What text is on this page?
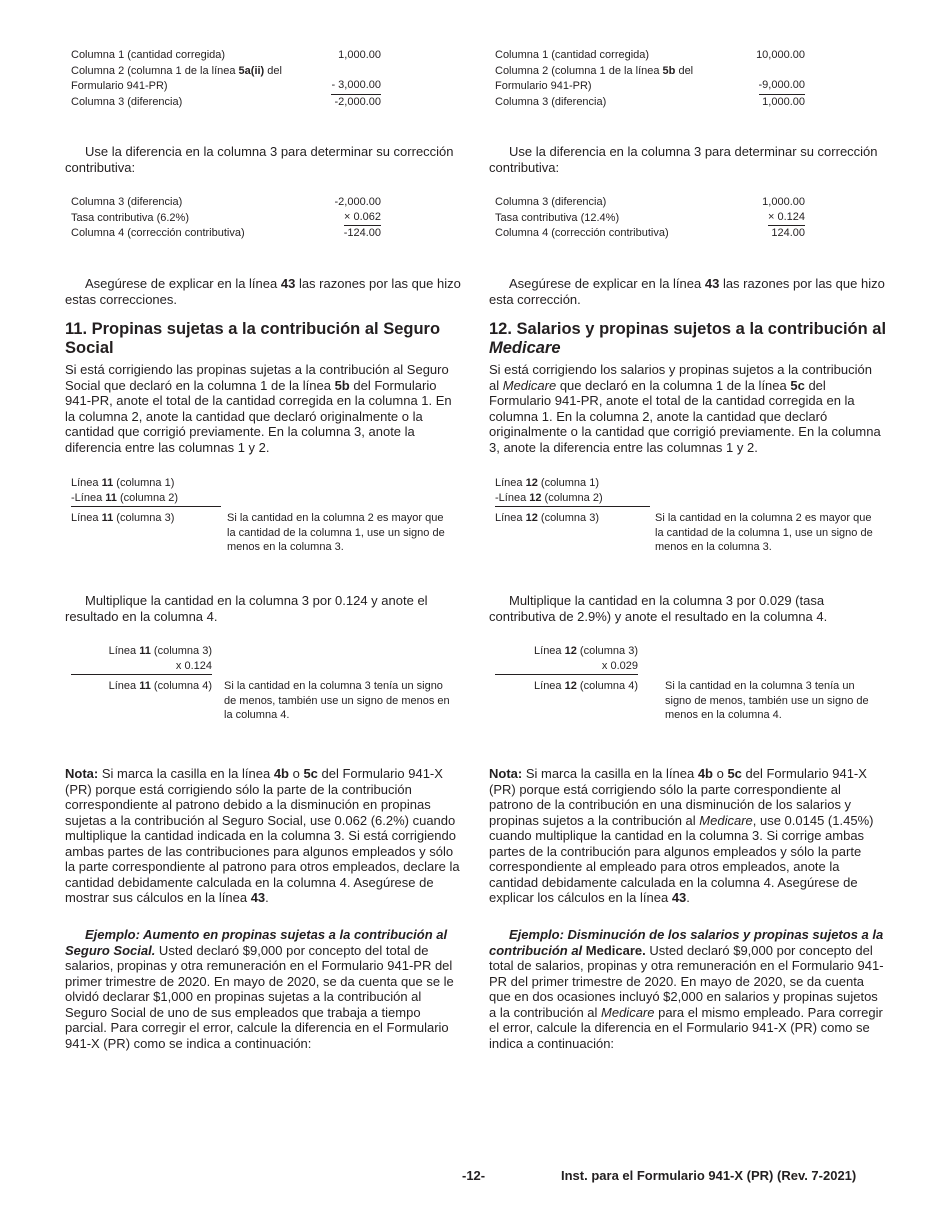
Columna 1 (cantidad corregida)	1,000.00
Columna 2 (columna 1 de la línea 5a(ii) del
Formulario 941-PR)	- 3,000.00
Columna 3 (diferencia)	-2,000.00

Use la diferencia en la columna 3 para determinar su corrección contributiva:

Columna 3 (diferencia)	-2,000.00
Tasa contributiva (6.2%)	× 0.062
Columna 4 (corrección contributiva)	-124.00

Asegúrese de explicar en la línea 43 las razones por las que hizo estas correcciones.

11. Propinas sujetas a la contribución al Seguro Social

Si está corrigiendo las propinas sujetas a la contribución al Seguro Social que declaró en la columna 1 de la línea 5b del Formulario 941-PR, anote el total de la cantidad corregida en la columna 1. En la columna 2, anote la cantidad que declaró originalmente o la cantidad que corrigió previamente. En la columna 3, anote la diferencia entre las columnas 1 y 2.

Línea 11 (columna 1)
-Línea 11 (columna 2)
Línea 11 (columna 3)	Si la cantidad en la columna 2 es mayor que la cantidad de la columna 1, use un signo de menos en la columna 3.

Multiplique la cantidad en la columna 3 por 0.124 y anote el resultado en la columna 4.

Línea 11 (columna 3)
x 0.124
Línea 11 (columna 4) Si la cantidad en la columna 3 tenía un signo de menos, también use un signo de menos en la columna 4.

Nota: Si marca la casilla en la línea 4b o 5c del Formulario 941-X (PR) porque está corrigiendo sólo la parte de la contribución correspondiente al patrono debido a la disminución en propinas sujetas a la contribución al Seguro Social, use 0.062 (6.2%) cuando multiplique la cantidad indicada en la columna 3. Si está corrigiendo ambas partes de las contribuciones para algunos empleados y sólo la parte correspondiente al patrono para otros empleados, declare la cantidad debidamente calculada en la columna 4. Asegúrese de mostrar sus cálculos en la línea 43.

Ejemplo: Aumento en propinas sujetas a la contribución al Seguro Social. Usted declaró $9,000 por concepto del total de salarios, propinas y otra remuneración en el Formulario 941-PR del primer trimestre de 2020. En mayo de 2020, se da cuenta que se le olvidó declarar $1,000 en propinas sujetas a la contribución al Seguro Social de uno de sus empleados que trabaja a tiempo parcial. Para corregir el error, calcule la diferencia en el Formulario 941-X (PR) como se indica a continuación:

Columna 1 (cantidad corregida)	10,000.00
Columna 2 (columna 1 de la línea 5b del
Formulario 941-PR)	-9,000.00
Columna 3 (diferencia)	1,000.00

Use la diferencia en la columna 3 para determinar su corrección contributiva:

Columna 3 (diferencia)	1,000.00
Tasa contributiva (12.4%)	× 0.124
Columna 4 (corrección contributiva)	124.00

Asegúrese de explicar en la línea 43 las razones por las que hizo esta corrección.

12. Salarios y propinas sujetos a la contribución al Medicare

Si está corrigiendo los salarios y propinas sujetos a la contribución al Medicare que declaró en la columna 1 de la línea 5c del Formulario 941-PR, anote el total de la cantidad corregida en la columna 1. En la columna 2, anote la cantidad que declaró originalmente o la cantidad que corrigió previamente. En la columna 3, anote la diferencia entre las columnas 1 y 2.

Línea 12 (columna 1)
-Línea 12 (columna 2)
Línea 12 (columna 3)	Si la cantidad en la columna 2 es mayor que la cantidad de la columna 1, use un signo de menos en la columna 3.

Multiplique la cantidad en la columna 3 por 0.029 (tasa contributiva de 2.9%) y anote el resultado en la columna 4.

Línea 12 (columna 3)
x 0.029
Línea 12 (columna 4) Si la cantidad en la columna 3 tenía un signo de menos, también use un signo de menos en la columna 4.

Nota: Si marca la casilla en la línea 4b o 5c del Formulario 941-X (PR) porque está corrigiendo sólo la parte correspondiente al patrono de la contribución en una disminución de los salarios y propinas sujetos a la contribución al Medicare, use 0.0145 (1.45%) cuando multiplique la cantidad en la columna 3. Si corrige ambas partes de la contribución para algunos empleados y sólo la parte correspondiente al empleado para otros empleados, anote la cantidad debidamente calculada en la columna 4. Asegúrese de explicar los cálculos en la línea 43.

Ejemplo: Disminución de los salarios y propinas sujetos a la contribución al Medicare. Usted declaró $9,000 por concepto del total de salarios, propinas y otra remuneración en el Formulario 941-PR del primer trimestre de 2020. En mayo de 2020, se da cuenta que en dos ocasiones incluyó $2,000 en salarios y propinas sujetos a la contribución al Medicare para el mismo empleado. Para corregir el error, calcule la diferencia en el Formulario 941-X (PR) como se indica a continuación:

-12-	Inst. para el Formulario 941-X (PR) (Rev. 7-2021)
